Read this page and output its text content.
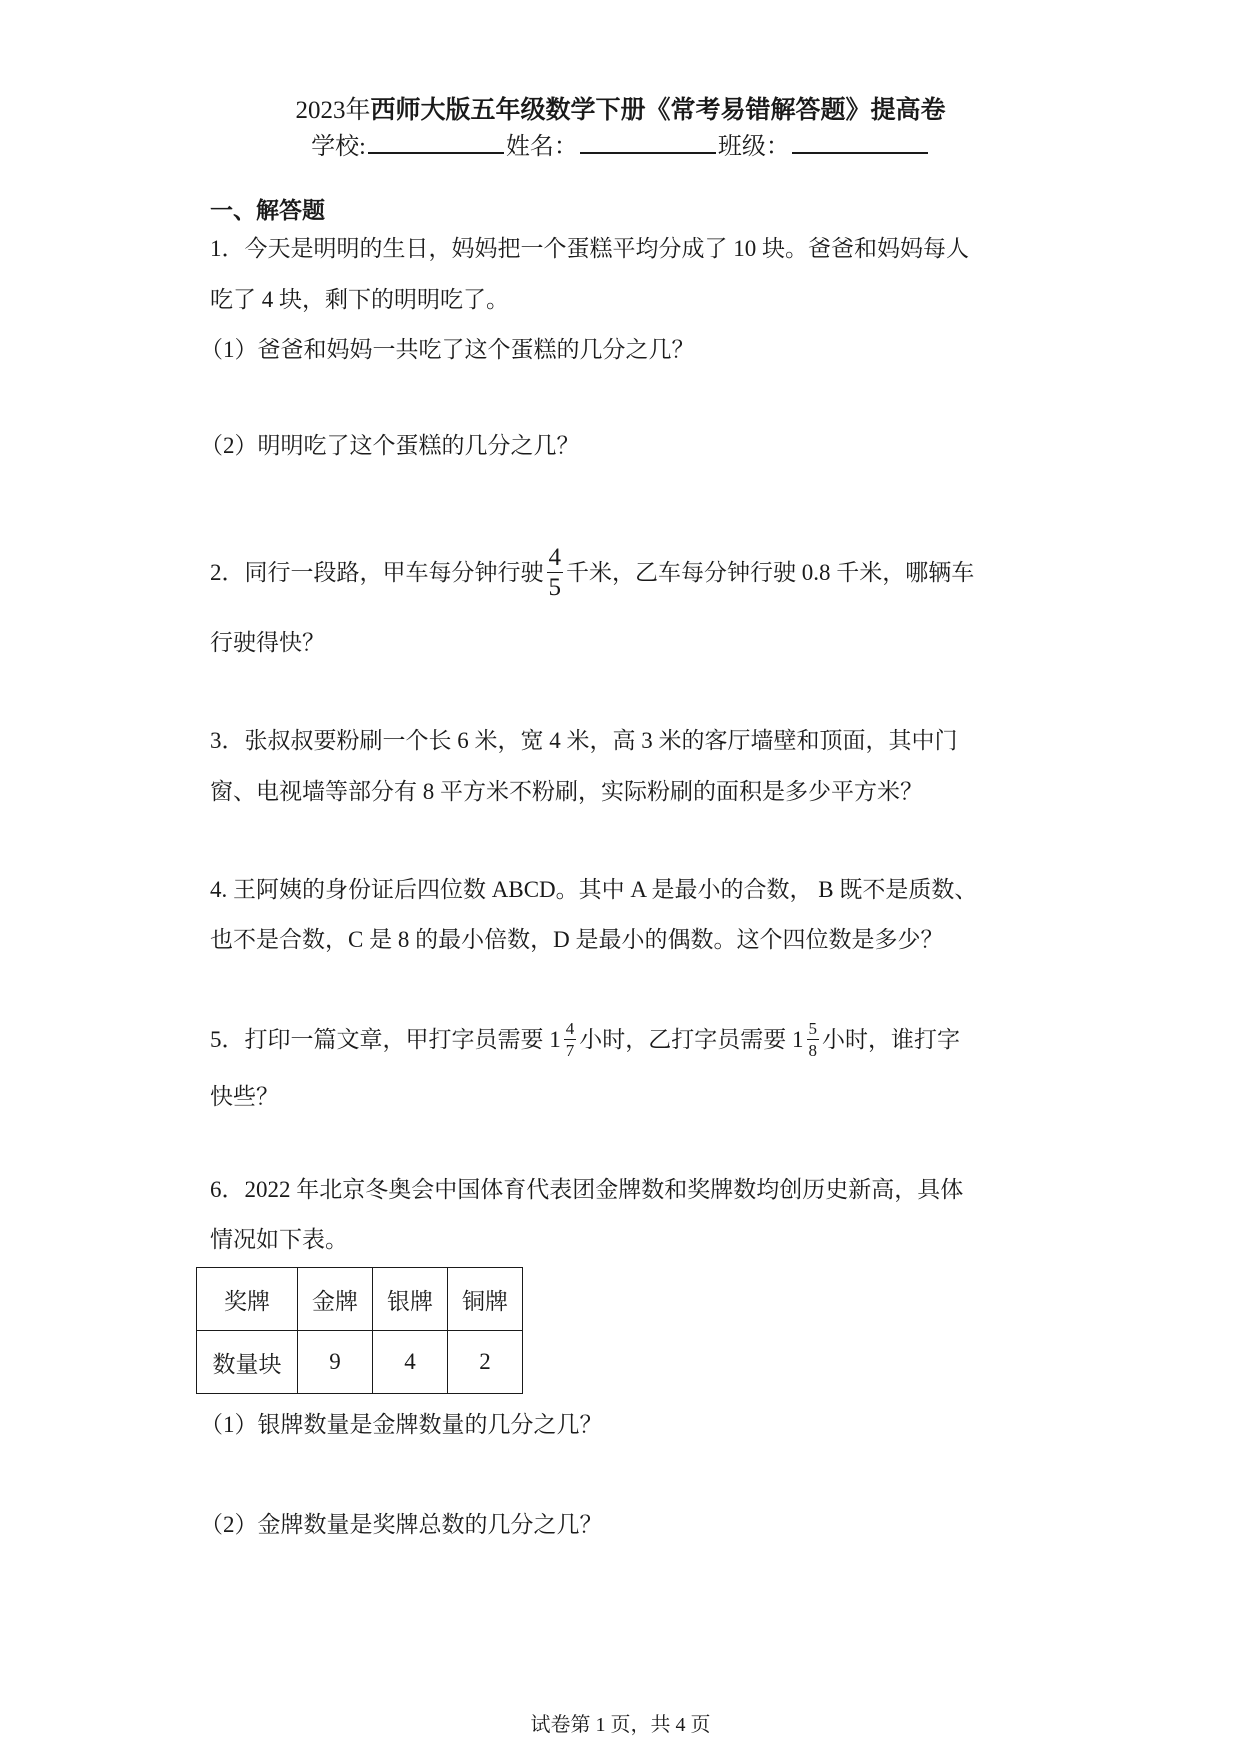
2023年西师大版五年级数学下册《常考易错解答题》提高卷
学校:	姓名：	班级：
一、解答题
1．今天是明明的生日，妈妈把一个蛋糕平均分成了 10 块。爸爸和妈妈每人
吃了 4 块，剩下的明明吃了。
（1）爸爸和妈妈一共吃了这个蛋糕的几分之几？
（2）明明吃了这个蛋糕的几分之几？
2．同行一段路，甲车每分钟行驶 $\frac{4}{5}$ 千米，乙车每分钟行驶 0.8 千米，哪辆车
行驶得快？
3．张叔叔要粉刷一个长 6 米，宽 4 米，高 3 米的客厅墙壁和顶面，其中门
窗、电视墙等部分有 8 平方米不粉刷，实际粉刷的面积是多少平方米？
4. 王阿姨的身份证后四位数 ABCD。其中 A 是最小的合数， B 既不是质数、
也不是合数，C 是 8 的最小倍数，D 是最小的偶数。这个四位数是多少？
5．打印一篇文章，甲打字员需要 $1 \frac{4}{7}$ 小时，乙打字员需要 $1 \frac{5}{8}$ 小时，谁打字
快些？
6．2022 年北京冬奥会中国体育代表团金牌数和奖牌数均创历史新高，具体
情况如下表。
奖牌	金牌	银牌	铜牌
数量块	9	4	2
（1）银牌数量是金牌数量的几分之几？
（2）金牌数量是奖牌总数的几分之几？
试卷第 1 页，共 4 页
